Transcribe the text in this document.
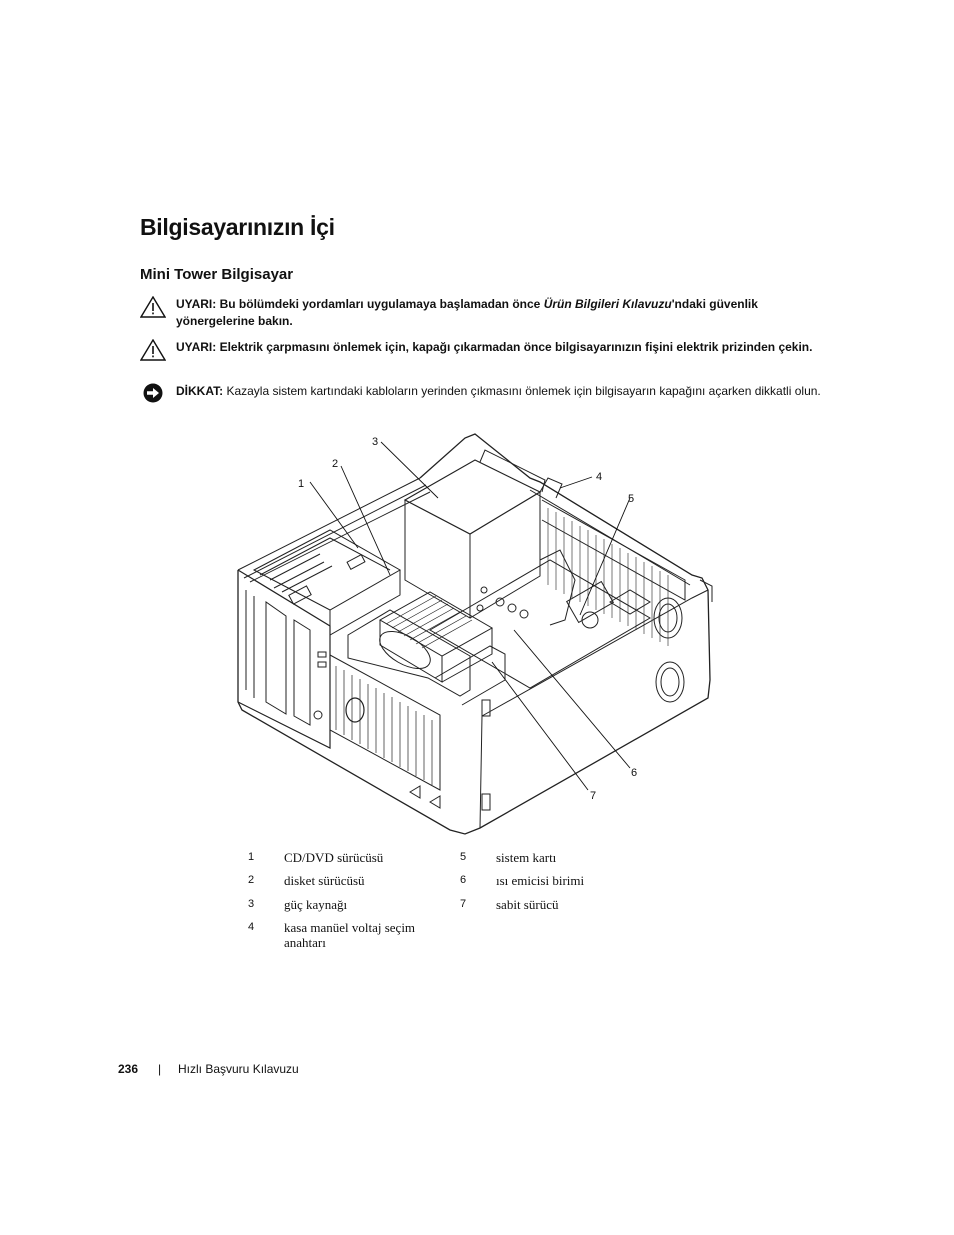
Bilgisayarınızın İçi
Mini Tower Bilgisayar
UYARI: Bu bölümdeki yordamları uygulamaya başlamadan önce Ürün Bilgileri Kılavuzu'ndaki güvenlik yönergelerine bakın.
UYARI: Elektrik çarpmasını önlemek için, kapağı çıkarmadan önce bilgisayarınızın fişini elektrik prizinden çekin.
DİKKAT: Kazayla sistem kartındaki kabloların yerinden çıkmasını önlemek için bilgisayarın kapağını açarken dikkatli olun.
1
2
3
4
5
6
7
1	CD/DVD sürücüsü
2	disket sürücüsü
3	güç kaynağı
4	kasa manüel voltaj seçim anahtarı
5	sistem kartı
6	ısı emicisi birimi
7	sabit sürücü
236 | Hızlı Başvuru Kılavuzu
